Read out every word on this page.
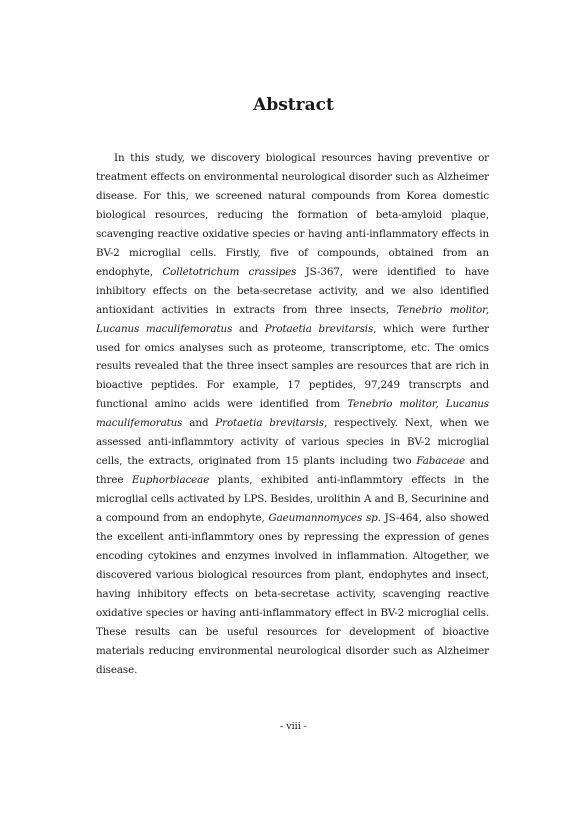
Abstract
In this study, we discovery biological resources having preventive or treatment effects on environmental neurological disorder such as Alzheimer disease. For this, we screened natural compounds from Korea domestic biological resources, reducing the formation of beta-amyloid plaque, scavenging reactive oxidative species or having anti-inflammatory effects in BV-2 microglial cells. Firstly, five of compounds, obtained from an endophyte, Colletotrichum crassipes JS-367, were identified to have inhibitory effects on the beta-secretase activity, and we also identified antioxidant activities in extracts from three insects, Tenebrio molitor, Lucanus maculifemoratus and Protaetia brevitarsis, which were further used for omics analyses such as proteome, transcriptome, etc. The omics results revealed that the three insect samples are resources that are rich in bioactive peptides. For example, 17 peptides, 97,249 transcrpts and functional amino acids were identified from Tenebrio molitor, Lucanus maculifemoratus and Protaetia brevitarsis, respectively. Next, when we assessed anti-inflammtory activity of various species in BV-2 microglial cells, the extracts, originated from 15 plants including two Fabaceae and three Euphorbiaceae plants, exhibited anti-inflammtory effects in the microglial cells activated by LPS. Besides, urolithin A and B, Securinine and a compound from an endophyte, Gaeumannomyces sp. JS-464, also showed the excellent anti-inflammtory ones by repressing the expression of genes encoding cytokines and enzymes involved in inflammation. Altogether, we discovered various biological resources from plant, endophytes and insect, having inhibitory effects on beta-secretase activity, scavenging reactive oxidative species or having anti-inflammatory effect in BV-2 microglial cells. These results can be useful resources for development of bioactive materials reducing environmental neurological disorder such as Alzheimer disease.
- viii -
